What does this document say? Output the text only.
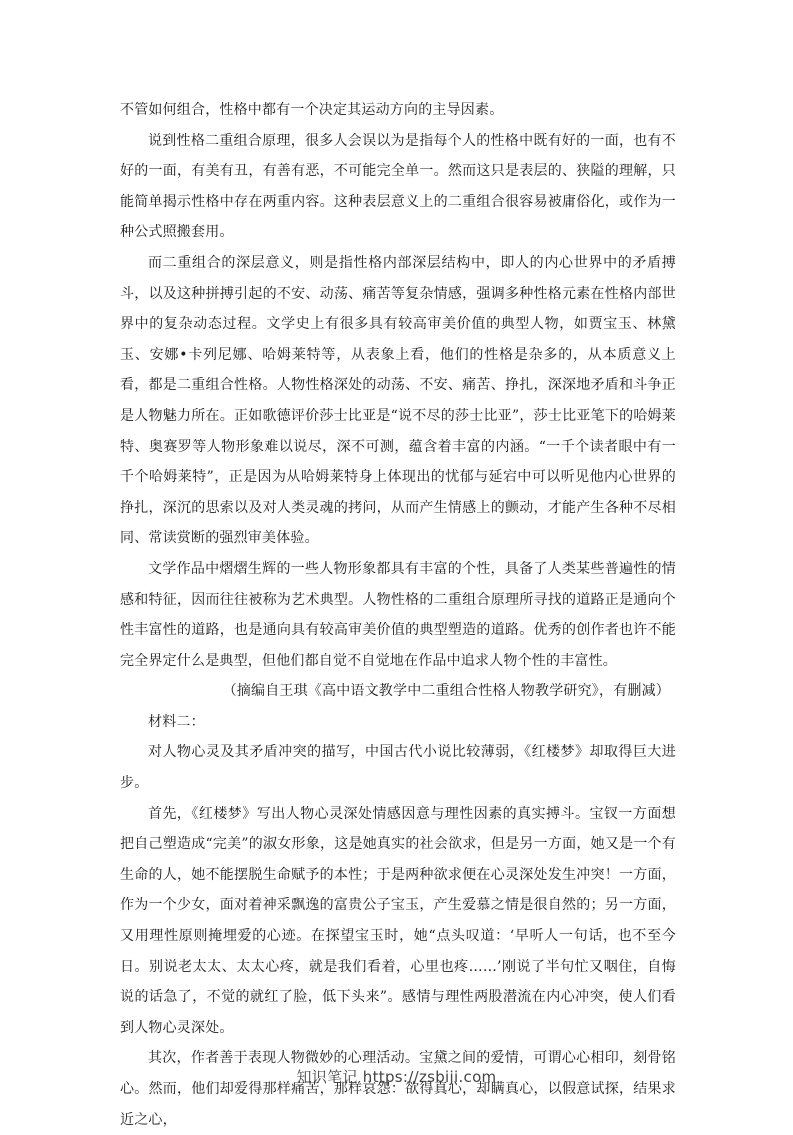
不管如何组合，性格中都有一个决定其运动方向的主导因素。

说到性格二重组合原理，很多人会误以为是指每个人的性格中既有好的一面，也有不好的一面，有美有丑，有善有恶，不可能完全单一。然而这只是表层的、狭隘的理解，只能简单揭示性格中存在两重内容。这种表层意义上的二重组合很容易被庸俗化，或作为一种公式照搬套用。

而二重组合的深层意义，则是指性格内部深层结构中，即人的内心世界中的矛盾搏斗，以及这种拼搏引起的不安、动荡、痛苦等复杂情感，强调多种性格元素在性格内部世界中的复杂动态过程。文学史上有很多具有较高审美价值的典型人物，如贾宝玉、林黛玉、安娜•卡列尼娜、哈姆莱特等，从表象上看，他们的性格是杂多的，从本质意义上看，都是二重组合性格。人物性格深处的动荡、不安、痛苦、挣扎，深深地矛盾和斗争正是人物魅力所在。正如歌德评价莎士比亚是“说不尽的莎士比亚”，莎士比亚笔下的哈姆莱特、奥赛罗等人物形象难以说尽，深不可测，蕴含着丰富的内涵。“一千个读者眼中有一千个哈姆莱特”，正是因为从哈姆莱特身上体现出的忧郁与延宕中可以听见他内心世界的挣扎，深沉的思索以及对人类灵魂的拷问，从而产生情感上的颤动，才能产生各种不尽相同、常读赏断的强烈审美体验。

文学作品中熠熠生辉的一些人物形象都具有丰富的个性，具备了人类某些普遍性的情感和特征，因而往往被称为艺术典型。人物性格的二重组合原理所寻找的道路正是通向个性丰富性的道路，也是通向具有较高审美价值的典型塑造的道路。优秀的创作者也许不能完全界定什么是典型，但他们都自觉不自觉地在作品中追求人物个性的丰富性。

（摘编自王琪《高中语文教学中二重组合性格人物教学研究》，有删减）

材料二：

对人物心灵及其矛盾冲突的描写，中国古代小说比较薄弱，《红楼梦》却取得巨大进步。

首先，《红楼梦》写出人物心灵深处情感因意与理性因素的真实搏斗。宝钗一方面想把自己塑造成“完美”的淑女形象，这是她真实的社会欲求，但是另一方面，她又是一个有生命的人，她不能摆脱生命赋予的本性；于是两种欲求便在心灵深处发生冲突！一方面，作为一个少女，面对着神采飘逸的富贵公子宝玉，产生爱慕之情是很自然的；另一方面，又用理性原则掩埋爱的心迹。在探望宝玉时，她“点头叹道：‘早听人一句话，也不至今日。别说老太太、太太心疼，就是我们看着，心里也疼……’刚说了半句忙又咽住，自悔说的话急了，不觉的就红了脸，低下头来”。感情与理性两股潜流在内心冲突，使人们看到人物心灵深处。

其次，作者善于表现人物微妙的心理活动。宝黛之间的爱情，可谓心心相印，刻骨铭心。然而，他们却爱得那样痛苦，那样哀怨：欲得真心，却瞒真心，以假意试探，结果求近之心，

知识笔记 https://zsbiji.com
